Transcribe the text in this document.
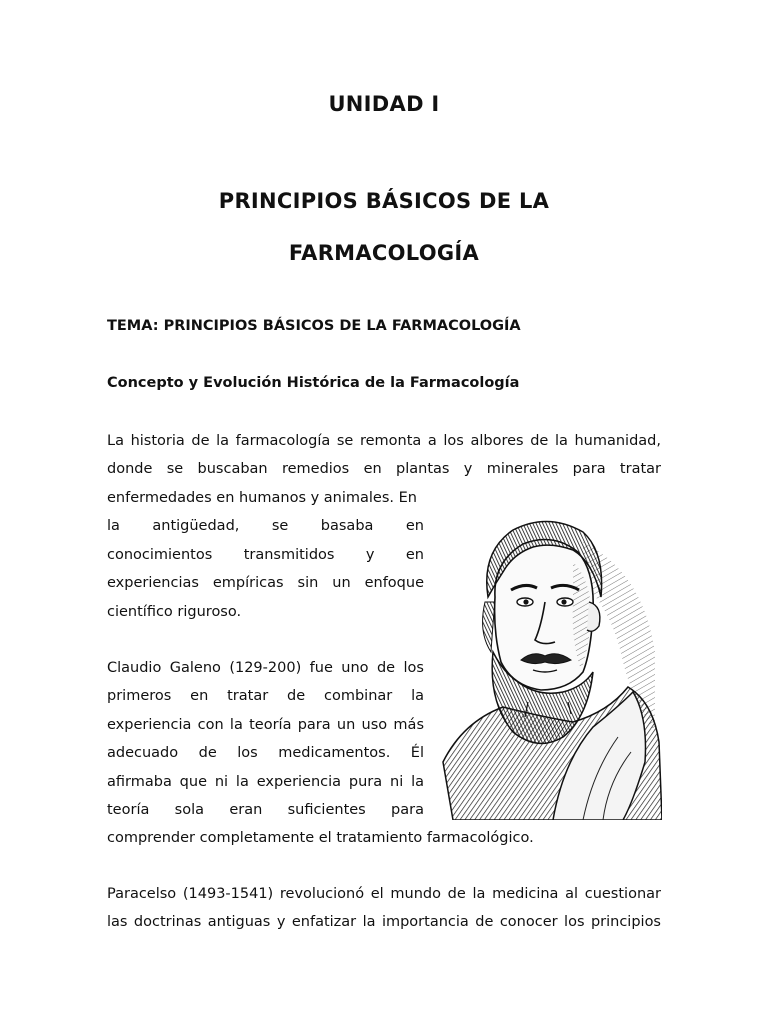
UNIDAD I
PRINCIPIOS BÁSICOS DE LA
FARMACOLOGÍA
TEMA: PRINCIPIOS BÁSICOS DE LA FARMACOLOGÍA
Concepto y Evolución Histórica de la Farmacología
La historia de la farmacología se remonta a los albores de la humanidad,
donde se buscaban remedios en plantas y minerales para tratar
enfermedades en humanos y animales. En
la antigüedad, se basaba en
conocimientos transmitidos y en
experiencias empíricas sin un enfoque
científico riguroso.
Claudio Galeno (129-200) fue uno de los
primeros en tratar de combinar la
experiencia con la teoría para un uso más
adecuado de los medicamentos. Él
afirmaba que ni la experiencia pura ni la
teoría sola eran suficientes para
comprender completamente el tratamiento farmacológico.
Paracelso (1493-1541) revolucionó el mundo de la medicina al cuestionar
las doctrinas antiguas y enfatizar la importancia de conocer los principios
